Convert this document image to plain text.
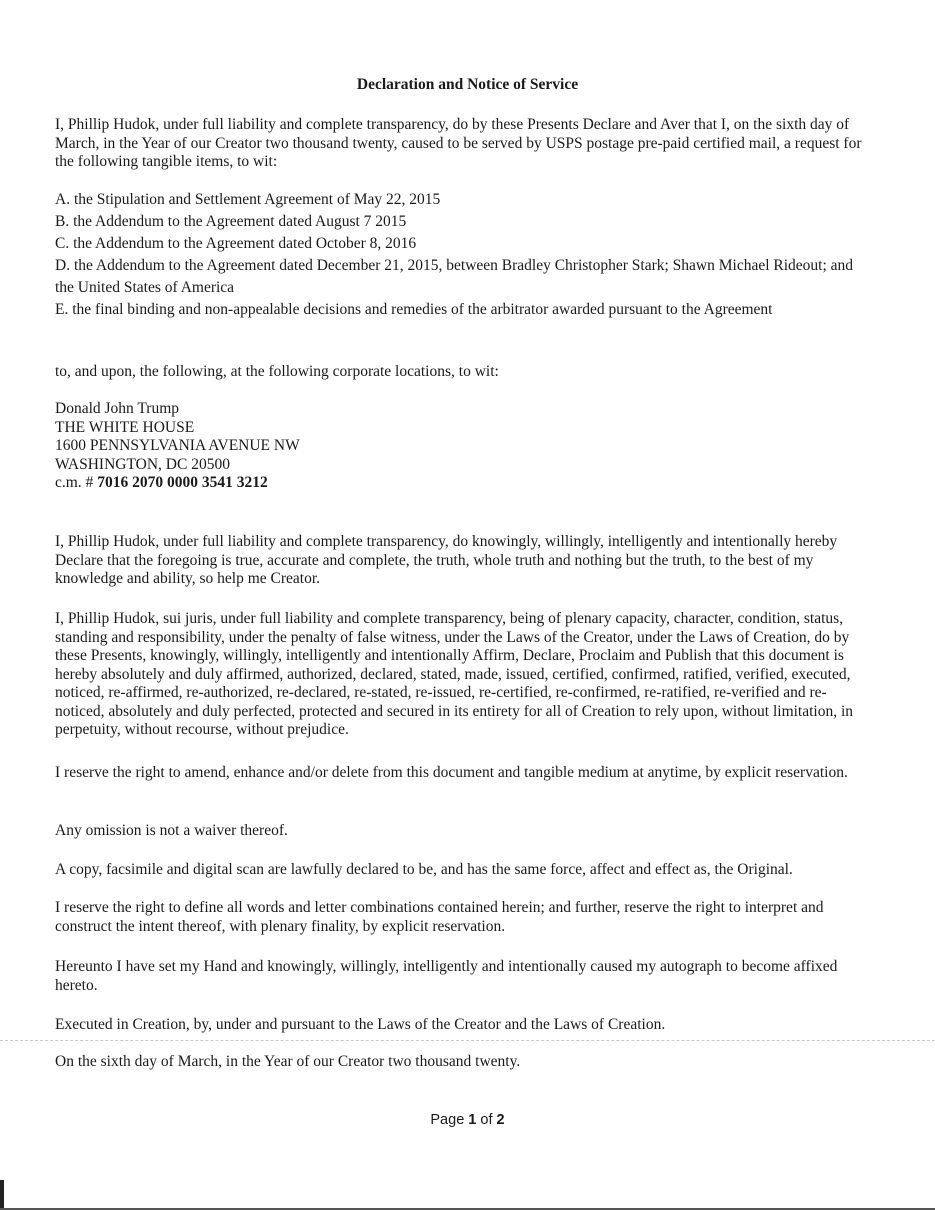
Declaration and Notice of Service
I, Phillip Hudok, under full liability and complete transparency, do by these Presents Declare and Aver that I, on the sixth day of March, in the Year of our Creator two thousand twenty, caused to be served by USPS postage pre-paid certified mail, a request for the following tangible items, to wit:
A. the Stipulation and Settlement Agreement of May 22, 2015
B. the Addendum to the Agreement dated August 7 2015
C. the Addendum to the Agreement dated October 8, 2016
D. the Addendum to the Agreement dated December 21, 2015, between Bradley Christopher Stark; Shawn Michael Rideout; and the United States of America
E. the final binding and non-appealable decisions and remedies of the arbitrator awarded pursuant to the Agreement
to, and upon, the following, at the following corporate locations, to wit:
Donald John Trump
THE WHITE HOUSE
1600 PENNSYLVANIA AVENUE NW
WASHINGTON, DC 20500
c.m. # 7016 2070 0000 3541 3212
I, Phillip Hudok, under full liability and complete transparency, do knowingly, willingly, intelligently and intentionally hereby Declare that the foregoing is true, accurate and complete, the truth, whole truth and nothing but the truth, to the best of my knowledge and ability, so help me Creator.
I, Phillip Hudok, sui juris, under full liability and complete transparency, being of plenary capacity, character, condition, status, standing and responsibility, under the penalty of false witness, under the Laws of the Creator, under the Laws of Creation, do by these Presents, knowingly, willingly, intelligently and intentionally Affirm, Declare, Proclaim and Publish that this document is hereby absolutely and duly affirmed, authorized, declared, stated, made, issued, certified, confirmed, ratified, verified, executed, noticed, re-affirmed, re-authorized, re-declared, re-stated, re-issued, re-certified, re-confirmed, re-ratified, re-verified and re-noticed, absolutely and duly perfected, protected and secured in its entirety for all of Creation to rely upon, without limitation, in perpetuity, without recourse, without prejudice.
I reserve the right to amend, enhance and/or delete from this document and tangible medium at anytime, by explicit reservation.
Any omission is not a waiver thereof.
A copy, facsimile and digital scan are lawfully declared to be, and has the same force, affect and effect as, the Original.
I reserve the right to define all words and letter combinations contained herein; and further, reserve the right to interpret and construct the intent thereof, with plenary finality, by explicit reservation.
Hereunto I have set my Hand and knowingly, willingly, intelligently and intentionally caused my autograph to become affixed hereto.
Executed in Creation, by, under and pursuant to the Laws of the Creator and the Laws of Creation.
On the sixth day of March, in the Year of our Creator two thousand twenty.
Page 1 of 2
